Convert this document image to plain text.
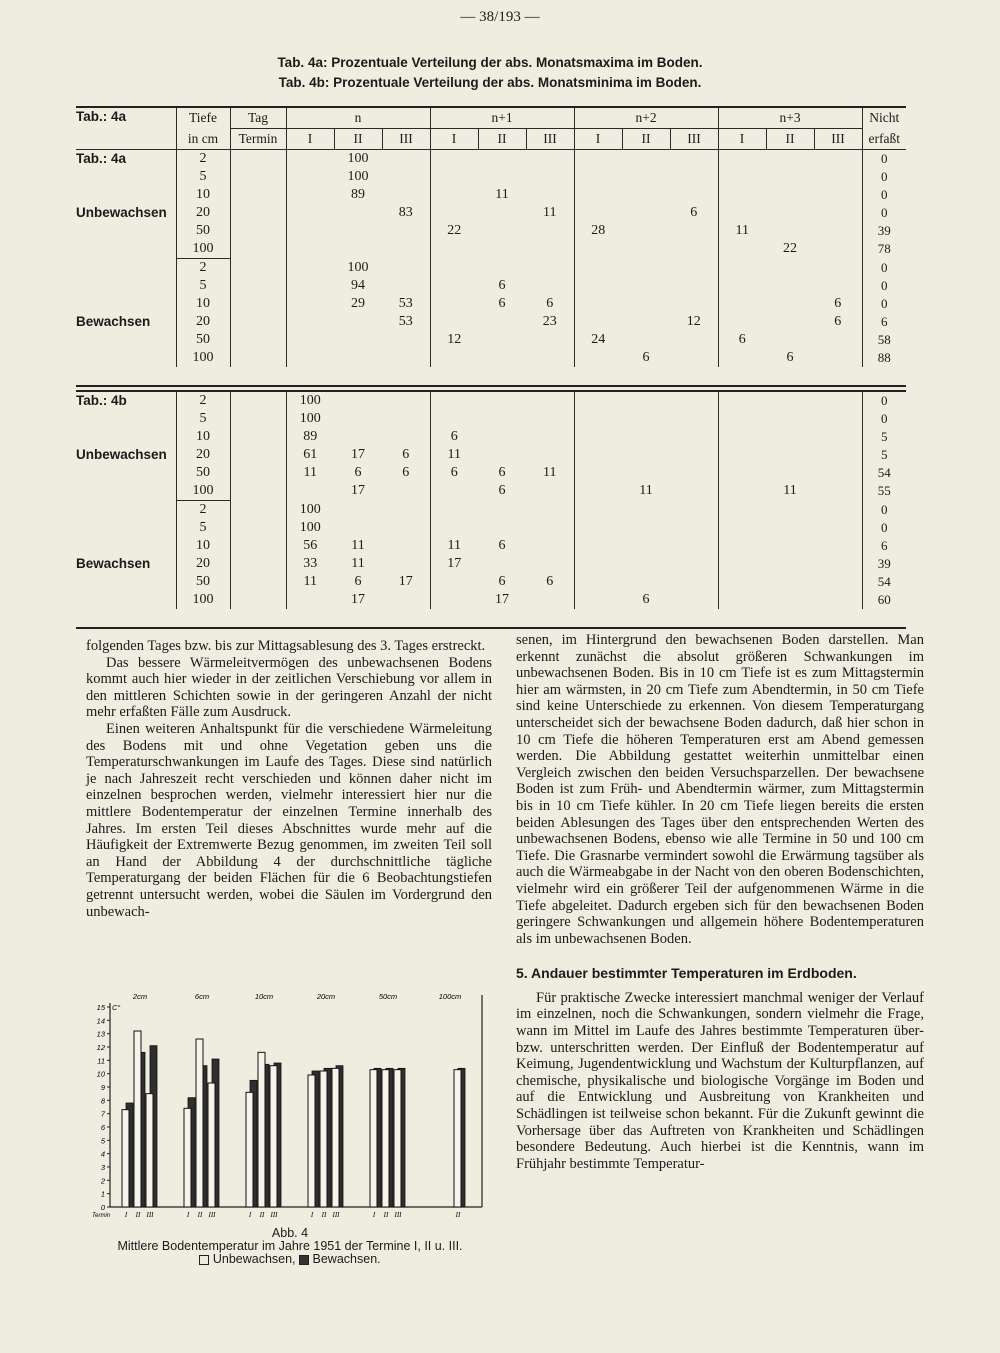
— 38/193 —
Tab. 4a: Prozentuale Verteilung der abs. Monatsmaxima im Boden.
Tab. 4b: Prozentuale Verteilung der abs. Monatsminima im Boden.
Tab.: 4a	Tiefe	Tag	n			n+1			n+2			n+3			Nicht
	in cm	Termin	I	II	III	I	II	III	I	II	III	I	II	III	erfaßt
Tab.: 4a	2			100											0
	5			100											0
	10			89			11								0
Unbewachsen	20				83			11			6				0
	50					22			28			11			39
	100												22		78
	2			100											0
	5			94			6								0
	10			29	53		6	6						6	0
Bewachsen	20				53			23			12			6	6
	50					12			24			6			58
	100									6			6		88

Tab.: 4b	2		100												0
	5		100												0
	10		89			6									5
Unbewachsen	20		61	17	6	11									5
	50		11	6	6	6	6	11							54
	100			17			6			11			11		55
	2		100												0
	5		100												0
	10		56	11		11	6								6
Bewachsen	20		33	11		17									39
	50		11	6	17		6	6							54
	100			17			17			6					60

folgenden Tages bzw. bis zur Mittagsablesung des 3. Tages erstreckt.

Das bessere Wärmeleitvermögen des unbewachsenen Bodens kommt auch hier wieder in der zeitlichen Verschiebung vor allem in den mittleren Schichten sowie in der geringeren Anzahl der nicht mehr erfaßten Fälle zum Ausdruck.

Einen weiteren Anhaltspunkt für die verschiedene Wärmeleitung des Bodens mit und ohne Vegetation geben uns die Temperaturschwankungen im Laufe des Tages. Diese sind natürlich je nach Jahreszeit recht verschieden und können daher nicht im einzelnen besprochen werden, vielmehr interessiert hier nur die mittlere Bodentemperatur der einzelnen Termine innerhalb des Jahres. Im ersten Teil dieses Abschnittes wurde mehr auf die Häufigkeit der Extremwerte Bezug genommen, im zweiten Teil soll an Hand der Abbildung 4 der durchschnittliche tägliche Temperaturgang der beiden Flächen für die 6 Beobachtungstiefen getrennt untersucht werden, wobei die Säulen im Vordergrund den unbewach-

senen, im Hintergrund den bewachsenen Boden darstellen. Man erkennt zunächst die absolut größeren Schwankungen im unbewachsenen Boden. Bis in 10 cm Tiefe ist es zum Mittagstermin hier am wärmsten, in 20 cm Tiefe zum Abendtermin, in 50 cm Tiefe sind keine Unterschiede zu erkennen. Von diesem Temperaturgang unterscheidet sich der bewachsene Boden dadurch, daß hier schon in 10 cm Tiefe die höheren Temperaturen erst am Abend gemessen werden. Die Abbildung gestattet weiterhin unmittelbar einen Vergleich zwischen den beiden Versuchsparzellen. Der bewachsene Boden ist zum Früh- und Abendtermin wärmer, zum Mittagstermin bis in 10 cm Tiefe kühler. In 20 cm Tiefe liegen bereits die ersten beiden Ablesungen des Tages über den entsprechenden Werten des unbewachsenen Bodens, ebenso wie alle Termine in 50 und 100 cm Tiefe. Die Grasnarbe vermindert sowohl die Erwärmung tagsüber als auch die Wärmeabgabe in der Nacht von den oberen Bodenschichten, vielmehr wird ein größerer Teil der aufgenommenen Wärme in die Tiefe abgeleitet. Dadurch ergeben sich für den bewachsenen Boden geringere Schwankungen und allgemein höhere Bodentemperaturen als im unbewachsenen Boden.

5. Andauer bestimmter Temperaturen im Erdboden.

Für praktische Zwecke interessiert manchmal weniger der Verlauf im einzelnen, noch die Schwankungen, sondern vielmehr die Frage, wann im Mittel im Laufe des Jahres bestimmte Temperaturen über- bzw. unterschritten werden. Der Einfluß der Bodentemperatur auf Keimung, Jugendentwicklung und Wachstum der Kulturpflanzen, auf chemische, physikalische und biologische Vorgänge im Boden und auf die Entwicklung und Ausbreitung von Krankheiten und Schädlingen ist teilweise schon bekannt. Für die Zukunft gewinnt die Vorhersage über das Auftreten von Krankheiten und Schädlingen besondere Bedeutung. Auch hierbei ist die Kenntnis, wann im Frühjahr bestimmte Temperatur-

0
1
2
3
4
5
6
7
8
9
10
11
12
13
14
15 C°
2cm
I II III
6cm
I II III
10cm
I II III
20cm
I II III
50cm
I II III
100cm
II
Termin
Abb. 4
Mittlere Bodentemperatur im Jahre 1951 der Termine I, II u. III.
Unbewachsen, Bewachsen.
